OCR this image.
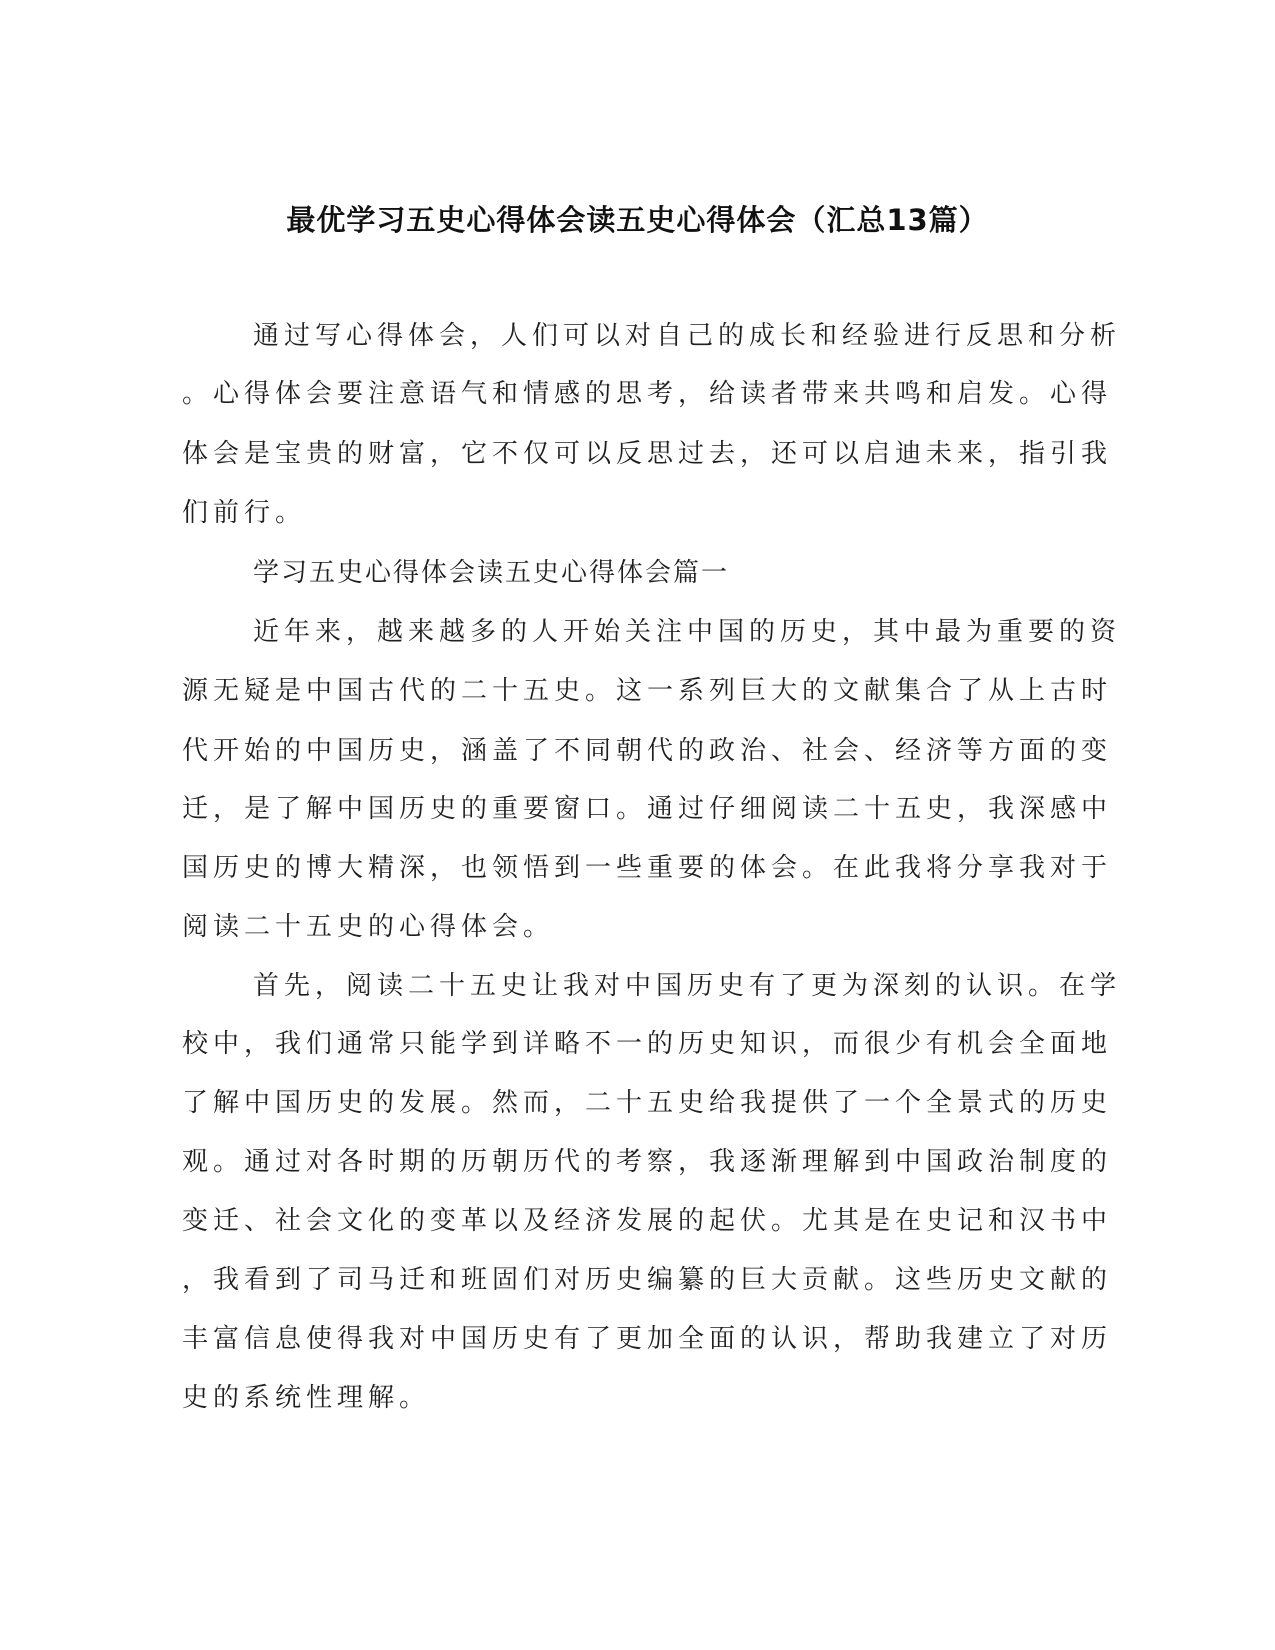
最优学习五史心得体会读五史心得体会（汇总13篇）
通过写心得体会，人们可以对自己的成长和经验进行反思和分析
。心得体会要注意语气和情感的思考，给读者带来共鸣和启发。心得
体会是宝贵的财富，它不仅可以反思过去，还可以启迪未来，指引我
们前行。
学习五史心得体会读五史心得体会篇一
近年来，越来越多的人开始关注中国的历史，其中最为重要的资
源无疑是中国古代的二十五史。这一系列巨大的文献集合了从上古时
代开始的中国历史，涵盖了不同朝代的政治、社会、经济等方面的变
迁，是了解中国历史的重要窗口。通过仔细阅读二十五史，我深感中
国历史的博大精深，也领悟到一些重要的体会。在此我将分享我对于
阅读二十五史的心得体会。
首先，阅读二十五史让我对中国历史有了更为深刻的认识。在学
校中，我们通常只能学到详略不一的历史知识，而很少有机会全面地
了解中国历史的发展。然而，二十五史给我提供了一个全景式的历史
观。通过对各时期的历朝历代的考察，我逐渐理解到中国政治制度的
变迁、社会文化的变革以及经济发展的起伏。尤其是在史记和汉书中
，我看到了司马迁和班固们对历史编纂的巨大贡献。这些历史文献的
丰富信息使得我对中国历史有了更加全面的认识，帮助我建立了对历
史的系统性理解。
